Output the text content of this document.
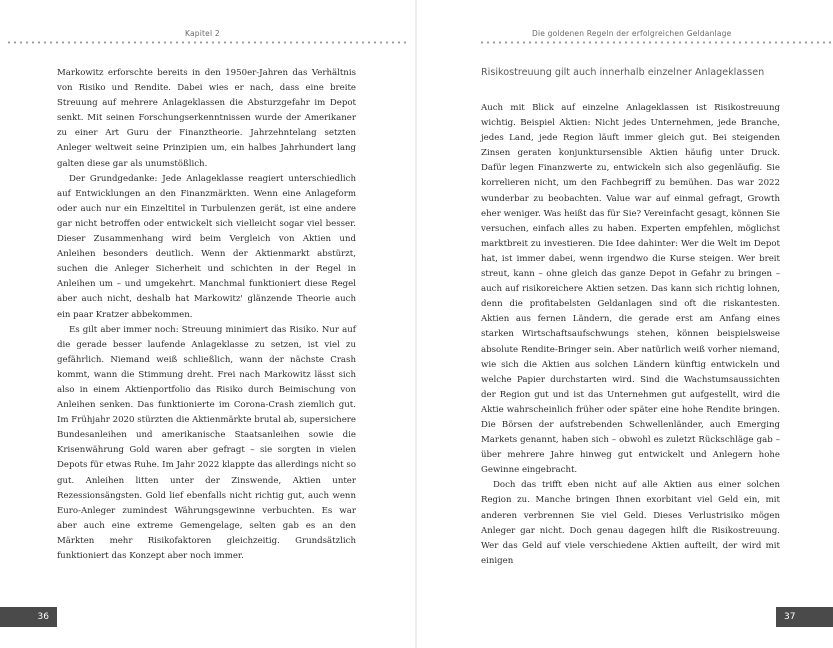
Kapitel 2

Markowitz erforschte bereits in den 1950er-Jahren das Verhältnis von Risiko und Rendite. Dabei wies er nach, dass eine breite Streuung auf mehrere Anlageklassen die Absturzgefahr im Depot senkt. Mit seinen Forschungserkenntnissen wurde der Amerikaner zu einer Art Guru der Finanztheorie. Jahrzehntelang setzten Anleger weltweit seine Prinzipien um, ein halbes Jahrhundert lang galten diese gar als unumstößlich.

Der Grundgedanke: Jede Anlageklasse reagiert unterschiedlich auf Entwicklungen an den Finanzmärkten. Wenn eine Anlageform oder auch nur ein Einzeltitel in Turbulenzen gerät, ist eine andere gar nicht betroffen oder entwickelt sich vielleicht sogar viel besser. Dieser Zusammenhang wird beim Vergleich von Aktien und Anleihen besonders deutlich. Wenn der Aktienmarkt abstürzt, suchen die Anleger Sicherheit und schichten in der Regel in Anleihen um – und umgekehrt. Manchmal funktioniert diese Regel aber auch nicht, deshalb hat Markowitz' glänzende Theorie auch ein paar Kratzer abbekommen.

Es gilt aber immer noch: Streuung minimiert das Risiko. Nur auf die gerade besser laufende Anlageklasse zu setzen, ist viel zu gefährlich. Niemand weiß schließlich, wann der nächste Crash kommt, wann die Stimmung dreht. Frei nach Markowitz lässt sich also in einem Aktienportfolio das Risiko durch Beimischung von Anleihen senken. Das funktionierte im Corona-Crash ziemlich gut. Im Frühjahr 2020 stürzten die Aktienmärkte brutal ab, supersichere Bundesanleihen und amerikanische Staatsanleihen sowie die Krisenwährung Gold waren aber gefragt – sie sorgten in vielen Depots für etwas Ruhe. Im Jahr 2022 klappte das allerdings nicht so gut. Anleihen litten unter der Zinswende, Aktien unter Rezessionsängsten. Gold lief ebenfalls nicht richtig gut, auch wenn Euro-Anleger zumindest Währungsgewinne verbuchten. Es war aber auch eine extreme Gemengelage, selten gab es an den Märkten mehr Risikofaktoren gleichzeitig. Grundsätzlich funktioniert das Konzept aber noch immer.

36
Die goldenen Regeln der erfolgreichen Geldanlage
Risikostreuung gilt auch innerhalb einzelner Anlageklassen

Auch mit Blick auf einzelne Anlageklassen ist Risikostreuung wichtig. Beispiel Aktien: Nicht jedes Unternehmen, jede Branche, jedes Land, jede Region läuft immer gleich gut. Bei steigenden Zinsen geraten konjunktursensible Aktien häufig unter Druck. Dafür legen Finanzwerte zu, entwickeln sich also gegenläufig. Sie korrelieren nicht, um den Fachbegriff zu bemühen. Das war 2022 wunderbar zu beobachten. Value war auf einmal gefragt, Growth eher weniger. Was heißt das für Sie? Vereinfacht gesagt, können Sie versuchen, einfach alles zu haben. Experten empfehlen, möglichst marktbreit zu investieren. Die Idee dahinter: Wer die Welt im Depot hat, ist immer dabei, wenn irgendwo die Kurse steigen. Wer breit streut, kann – ohne gleich das ganze Depot in Gefahr zu bringen – auch auf risikoreichere Aktien setzen. Das kann sich richtig lohnen, denn die profitabelsten Geldanlagen sind oft die riskantesten. Aktien aus fernen Ländern, die gerade erst am Anfang eines starken Wirtschaftsaufschwungs stehen, können beispielsweise absolute Rendite-Bringer sein. Aber natürlich weiß vorher niemand, wie sich die Aktien aus solchen Ländern künftig entwickeln und welche Papier durchstarten wird. Sind die Wachstumsaussichten der Region gut und ist das Unternehmen gut aufgestellt, wird die Aktie wahrscheinlich früher oder später eine hohe Rendite bringen. Die Börsen der aufstrebenden Schwellenländer, auch Emerging Markets genannt, haben sich – obwohl es zuletzt Rückschläge gab – über mehrere Jahre hinweg gut entwickelt und Anlegern hohe Gewinne eingebracht.

Doch das trifft eben nicht auf alle Aktien aus einer solchen Region zu. Manche bringen Ihnen exorbitant viel Geld ein, mit anderen verbrennen Sie viel Geld. Dieses Verlustrisiko mögen Anleger gar nicht. Doch genau dagegen hilft die Risikostreuung. Wer das Geld auf viele verschiedene Aktien aufteilt, der wird mit einigen

37
